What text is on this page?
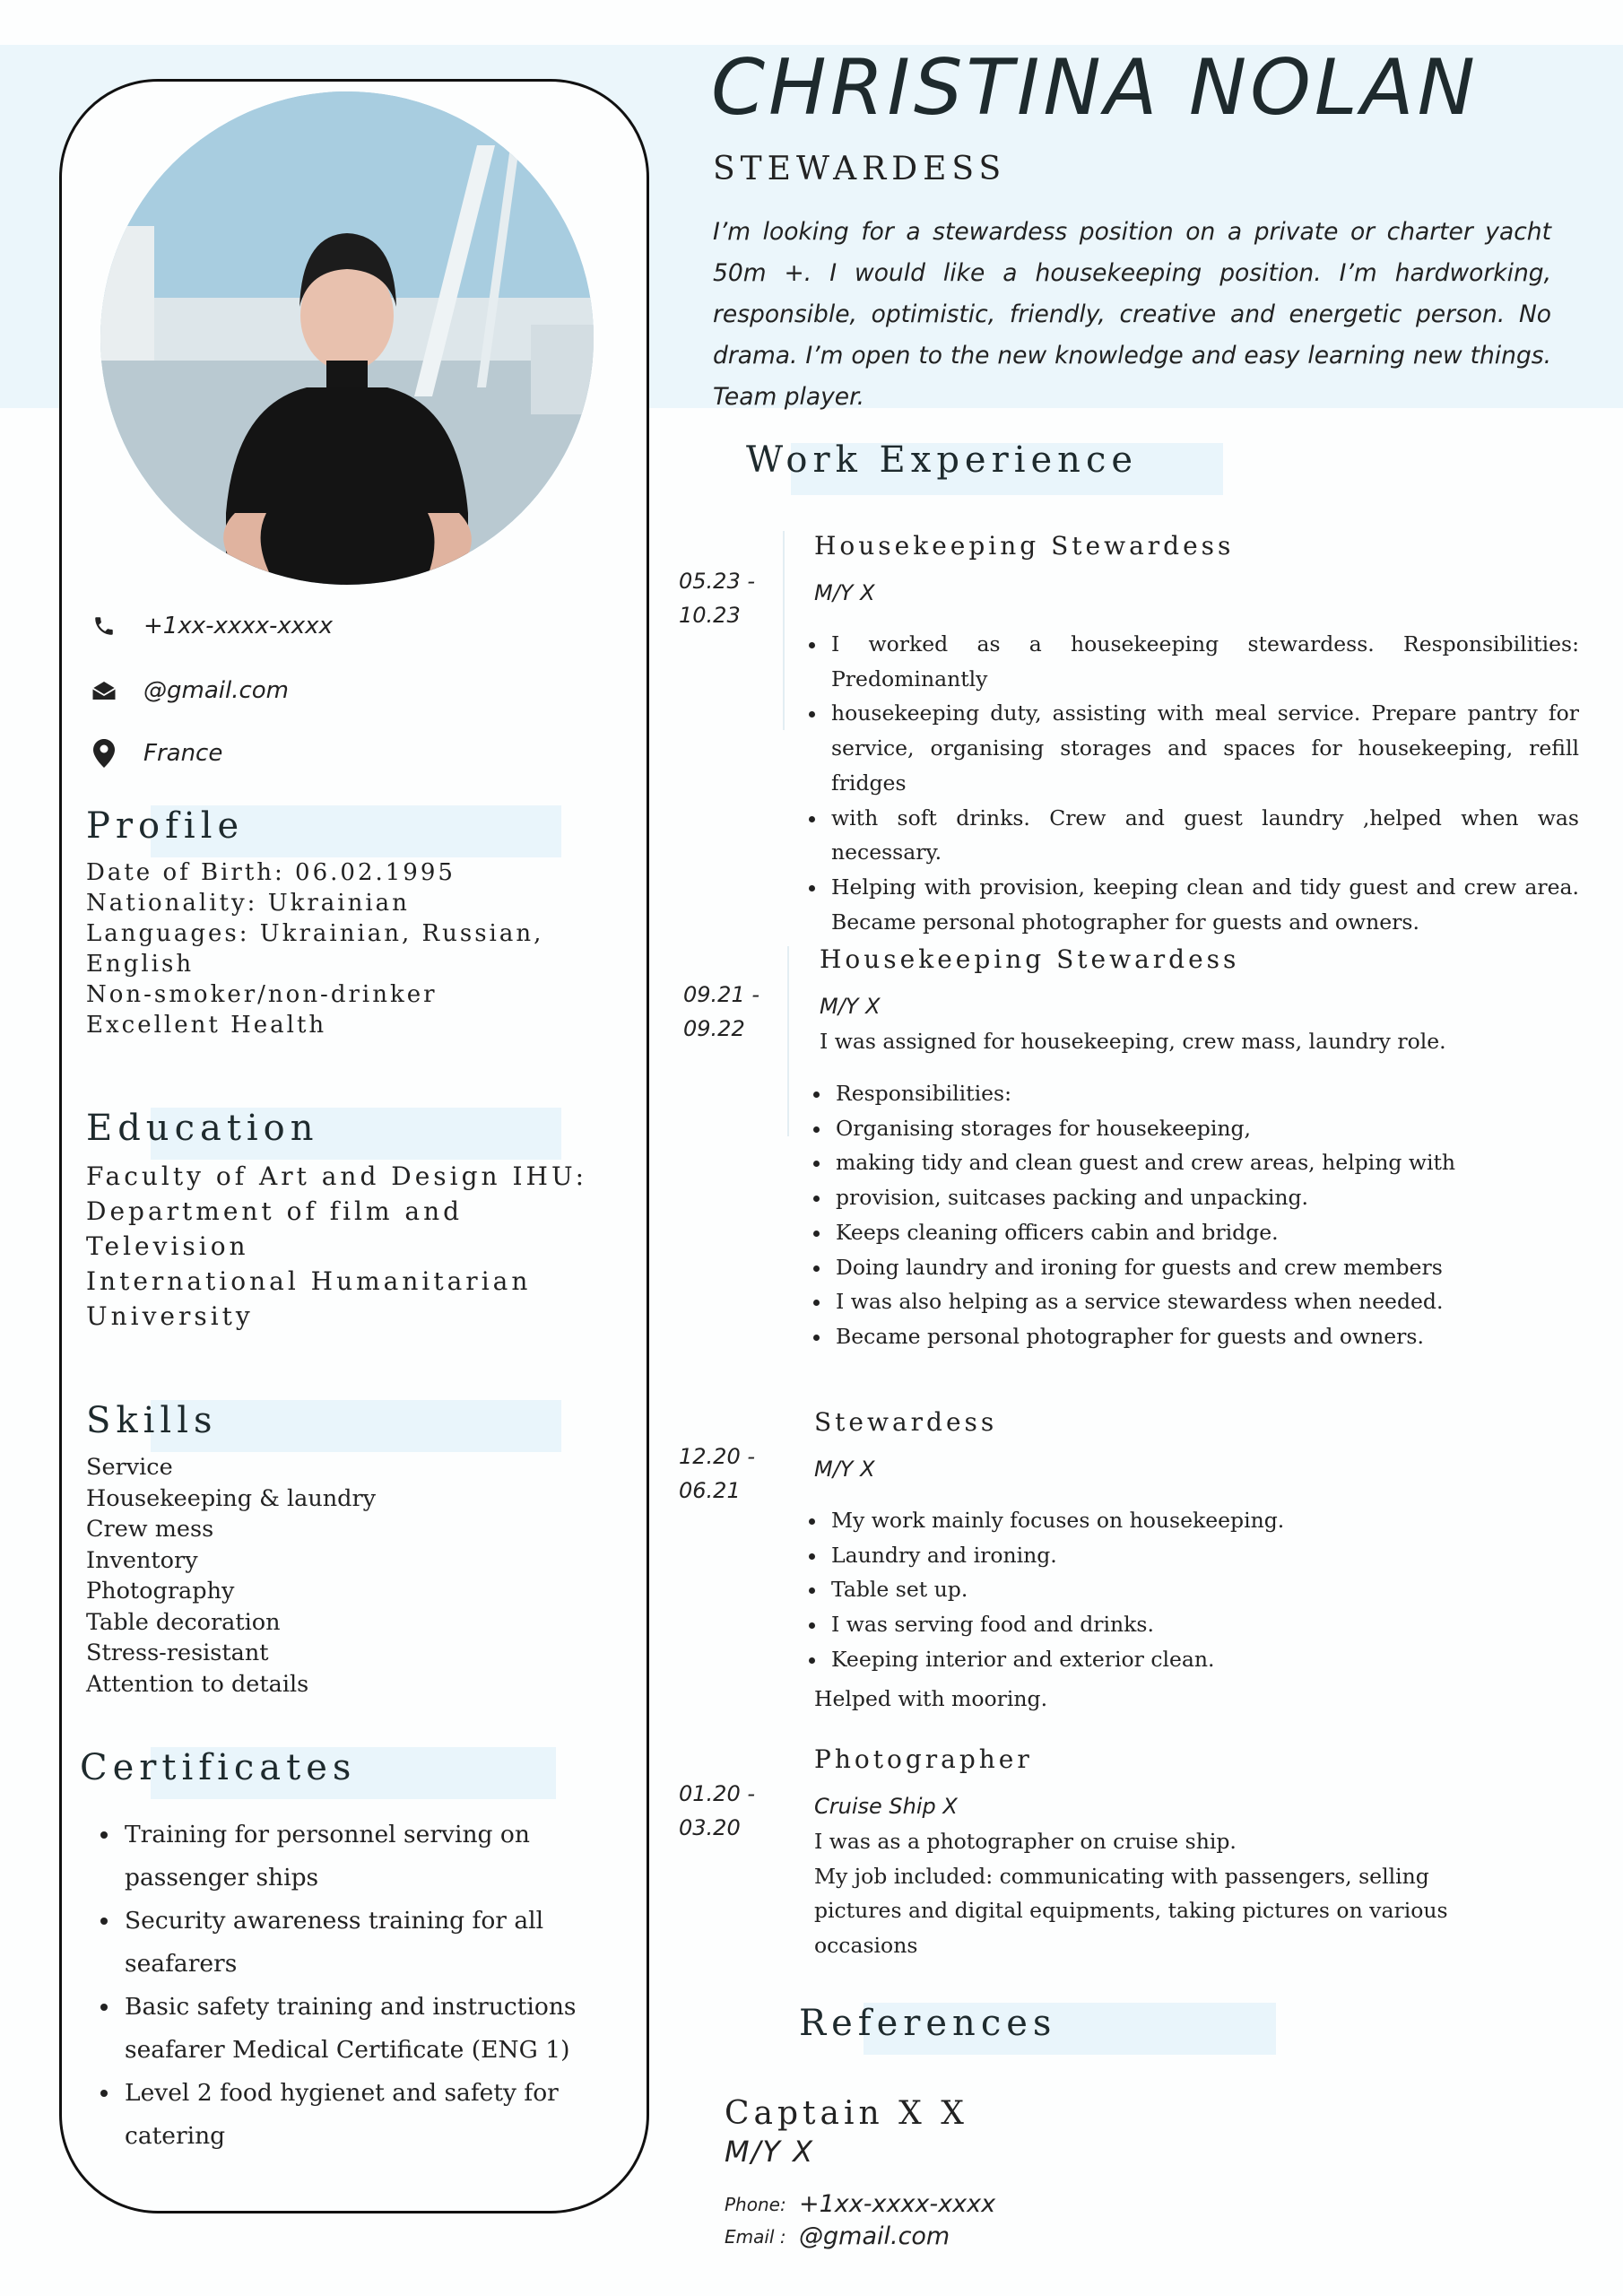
CHRISTINA NOLAN
STEWARDESS
I’m looking for a stewardess position on a private or charter yacht 50m +. I would like a housekeeping position. I’m hardworking, responsible, optimistic, friendly, creative and energetic person. No drama. I’m open to the new knowledge and easy learning new things. Team player.
+1xx-xxxx-xxxx
@gmail.com
France
Profile
Date of Birth: 06.02.1995
Nationality: Ukrainian
Languages: Ukrainian, Russian,
English
Non-smoker/non-drinker
Excellent Health
Education
Faculty of Art and Design IHU:
Department of film and
Television
International Humanitarian
University
Skills
Service
Housekeeping & laundry
Crew mess
Inventory
Photography
Table decoration
Stress-resistant
Attention to details
Certificates
• Training for personnel serving on passenger ships
• Security awareness training for all seafarers
• Basic safety training and instructions seafarer Medical Certificate (ENG 1)
• Level 2 food hygienet and safety for catering
Work Experience
05.23 -
10.23
Housekeeping Stewardess
M/Y X
• I worked as a housekeeping stewardess. Responsibilities: Predominantly
• housekeeping duty, assisting with meal service. Prepare pantry for service, organising storages and spaces for housekeeping, refill fridges
• with soft drinks. Crew and guest laundry ,helped when was necessary.
• Helping with provision, keeping clean and tidy guest and crew area. Became personal photographer for guests and owners.
09.21 -
09.22
Housekeeping Stewardess
M/Y X
I was assigned for housekeeping, crew mass, laundry role.
• Responsibilities:
• Organising storages for housekeeping,
• making tidy and clean guest and crew areas, helping with
• provision, suitcases packing and unpacking.
• Keeps cleaning officers cabin and bridge.
• Doing laundry and ironing for guests and crew members
• I was also helping as a service stewardess when needed.
• Became personal photographer for guests and owners.
12.20 -
06.21
Stewardess
M/Y X
• My work mainly focuses on housekeeping.
• Laundry and ironing.
• Table set up.
• I was serving food and drinks.
• Keeping interior and exterior clean.
Helped with mooring.
01.20 -
03.20
Photographer
Cruise Ship X
I was as a photographer on cruise ship.
My job included: communicating with passengers, selling
pictures and digital equipments, taking pictures on various
occasions
References
Captain X X
M/Y X
Phone: +1xx-xxxx-xxxx
Email : @gmail.com
